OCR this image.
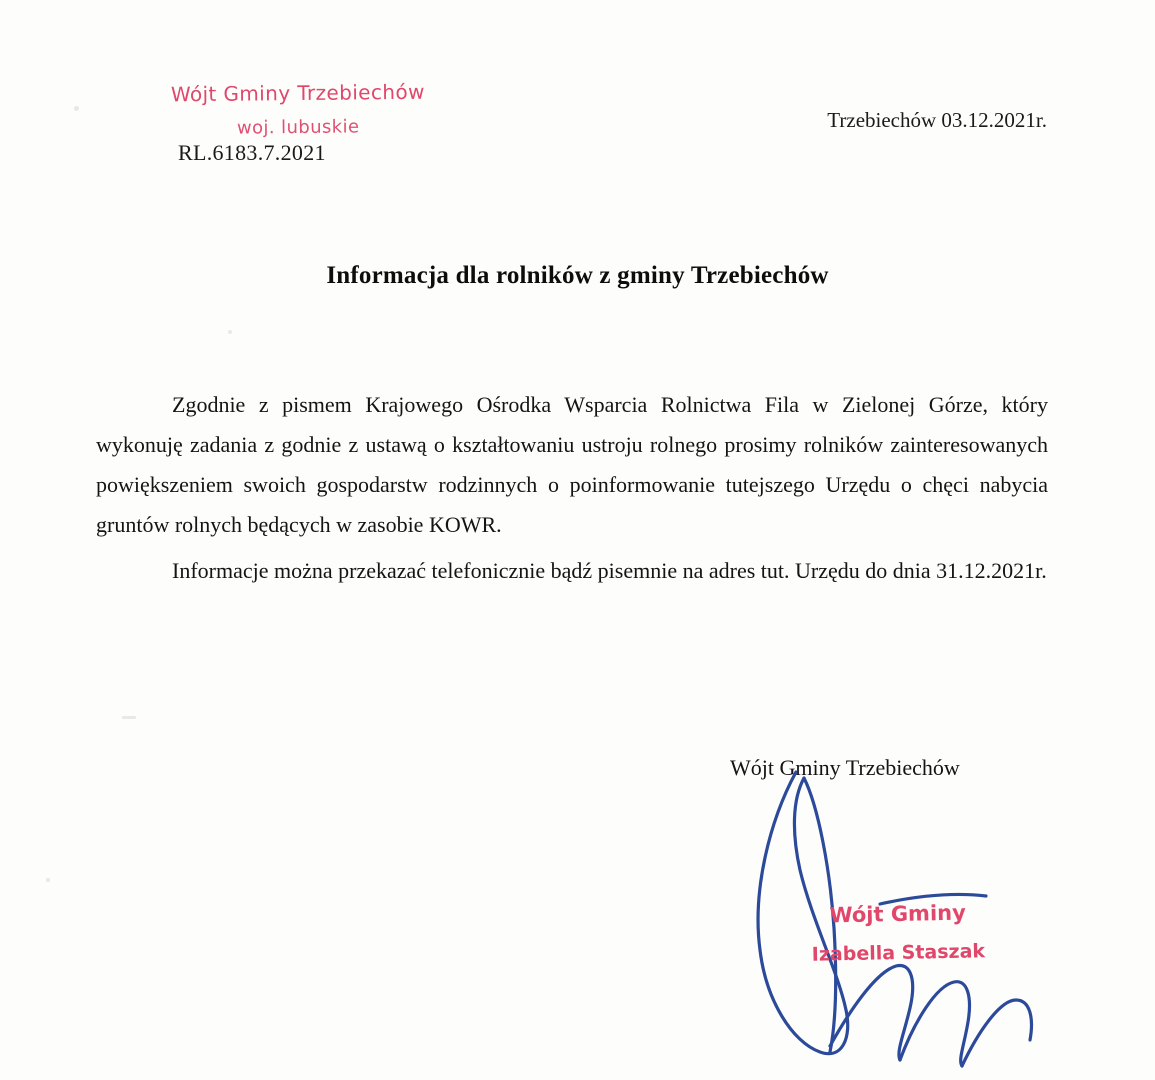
Wójt Gminy Trzebiechów
woj. lubuskie
RL.6183.7.2021
Trzebiechów 03.12.2021r.
Informacja dla rolników z gminy Trzebiechów

Zgodnie z pismem Krajowego Ośrodka Wsparcia Rolnictwa Fila w Zielonej Górze, który wykonuję zadania z godnie z ustawą o kształtowaniu ustroju rolnego prosimy rolników zainteresowanych powiększeniem swoich gospodarstw rodzinnych o poinformowanie tutejszego Urzędu o chęci nabycia gruntów rolnych będących w zasobie KOWR.

Informacje można przekazać telefonicznie bądź pisemnie na adres tut. Urzędu do dnia 31.12.2021r.

Wójt Gminy Trzebiechów
Wójt Gminy
Izabella Staszak
